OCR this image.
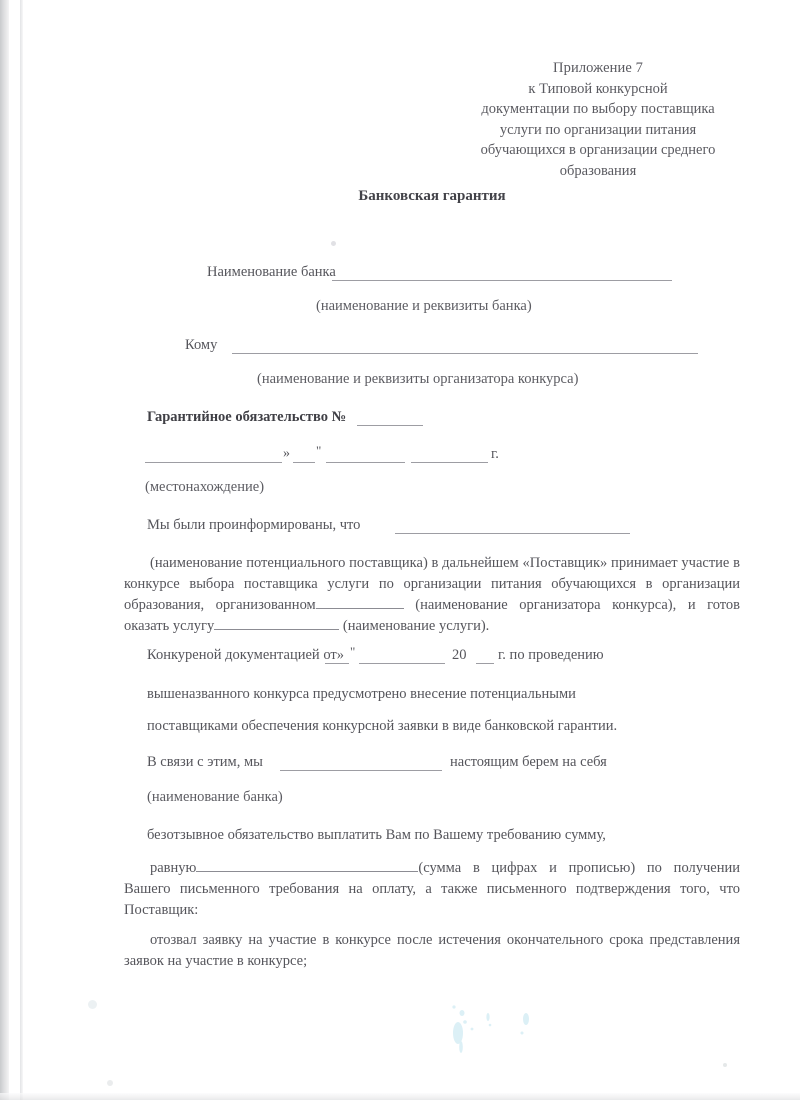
Приложение 7
к Типовой конкурсной
документации по выбору поставщика
услуги по организации питания
обучающихся в организации среднего
образования
Банковская гарантия
Наименование банка
(наименование и реквизиты банка)
Кому
(наименование и реквизиты организатора конкурса)
Гарантийное обязательство №
» "	г.
(местонахождение)
Мы были проинформированы, что
(наименование потенциального поставщика) в дальнейшем «Поставщик» принимает участие в конкурсе выбора поставщика услуги по организации питания обучающихся в организации образования, организованном	(наименование организатора конкурса), и готов оказать услугу	(наименование услуги).
Конкуреной документацией от» "	20 г. по проведению
вышеназванного конкурса предусмотрено внесение потенциальными
поставщиками обеспечения конкурсной заявки в виде банковской гарантии.
В связи с этим, мы	настоящим берем на себя
(наименование банка)
безотзывное обязательство выплатить Вам по Вашему требованию сумму,
равную	(сумма в цифрах и прописью) по получении Вашего письменного требования на оплату, а также письменного подтверждения того, что Поставщик:
отозвал заявку на участие в конкурсе после истечения окончательного срока представления заявок на участие в конкурсе;
